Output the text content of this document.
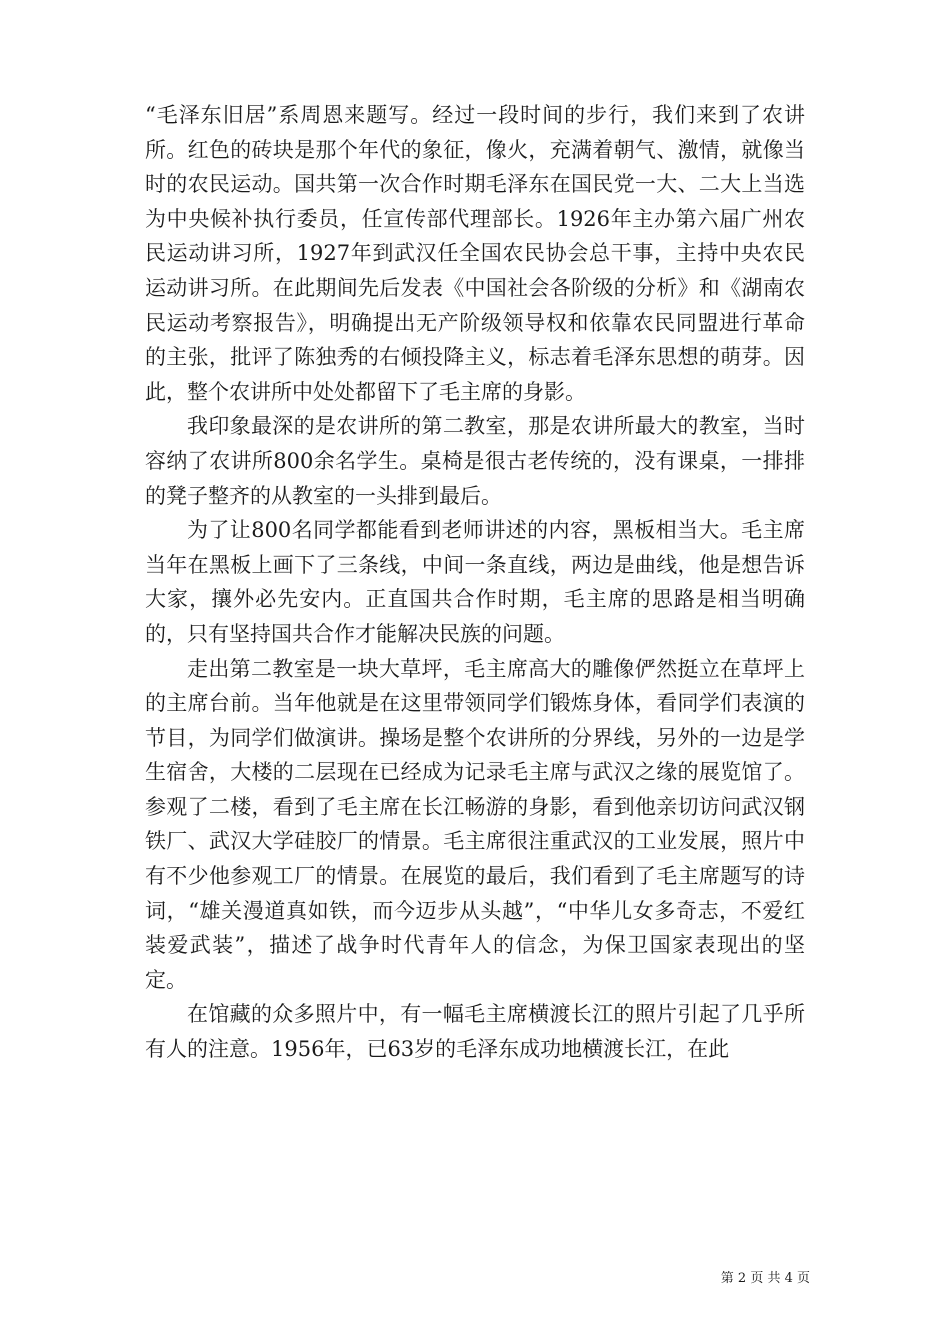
“毛泽东旧居”系周恩来题写。经过一段时间的步行，我们来到了农讲所。红色的砖块是那个年代的象征，像火，充满着朝气、激情，就像当时的农民运动。国共第一次合作时期毛泽东在国民党一大、二大上当选为中央候补执行委员，任宣传部代理部长。1926年主办第六届广州农民运动讲习所，1927年到武汉任全国农民协会总干事，主持中央农民运动讲习所。在此期间先后发表《中国社会各阶级的分析》和《湖南农民运动考察报告》，明确提出无产阶级领导权和依靠农民同盟进行革命的主张，批评了陈独秀的右倾投降主义，标志着毛泽东思想的萌芽。因此，整个农讲所中处处都留下了毛主席的身影。

我印象最深的是农讲所的第二教室，那是农讲所最大的教室，当时容纳了农讲所800余名学生。桌椅是很古老传统的，没有课桌，一排排的凳子整齐的从教室的一头排到最后。

为了让800名同学都能看到老师讲述的内容，黑板相当大。毛主席当年在黑板上画下了三条线，中间一条直线，两边是曲线，他是想告诉大家，攘外必先安内。正直国共合作时期，毛主席的思路是相当明确的，只有坚持国共合作才能解决民族的问题。

走出第二教室是一块大草坪，毛主席高大的雕像俨然挺立在草坪上的主席台前。当年他就是在这里带领同学们锻炼身体，看同学们表演的节目，为同学们做演讲。操场是整个农讲所的分界线，另外的一边是学生宿舍，大楼的二层现在已经成为记录毛主席与武汉之缘的展览馆了。参观了二楼，看到了毛主席在长江畅游的身影，看到他亲切访问武汉钢铁厂、武汉大学硅胶厂的情景。毛主席很注重武汉的工业发展，照片中有不少他参观工厂的情景。在展览的最后，我们看到了毛主席题写的诗词，“雄关漫道真如铁，而今迈步从头越”，“中华儿女多奇志，不爱红装爱武装”，描述了战争时代青年人的信念，为保卫国家表现出的坚定。

在馆藏的众多照片中，有一幅毛主席横渡长江的照片引起了几乎所有人的注意。1956年，已63岁的毛泽东成功地横渡长江，在此

第 2 页 共 4 页
